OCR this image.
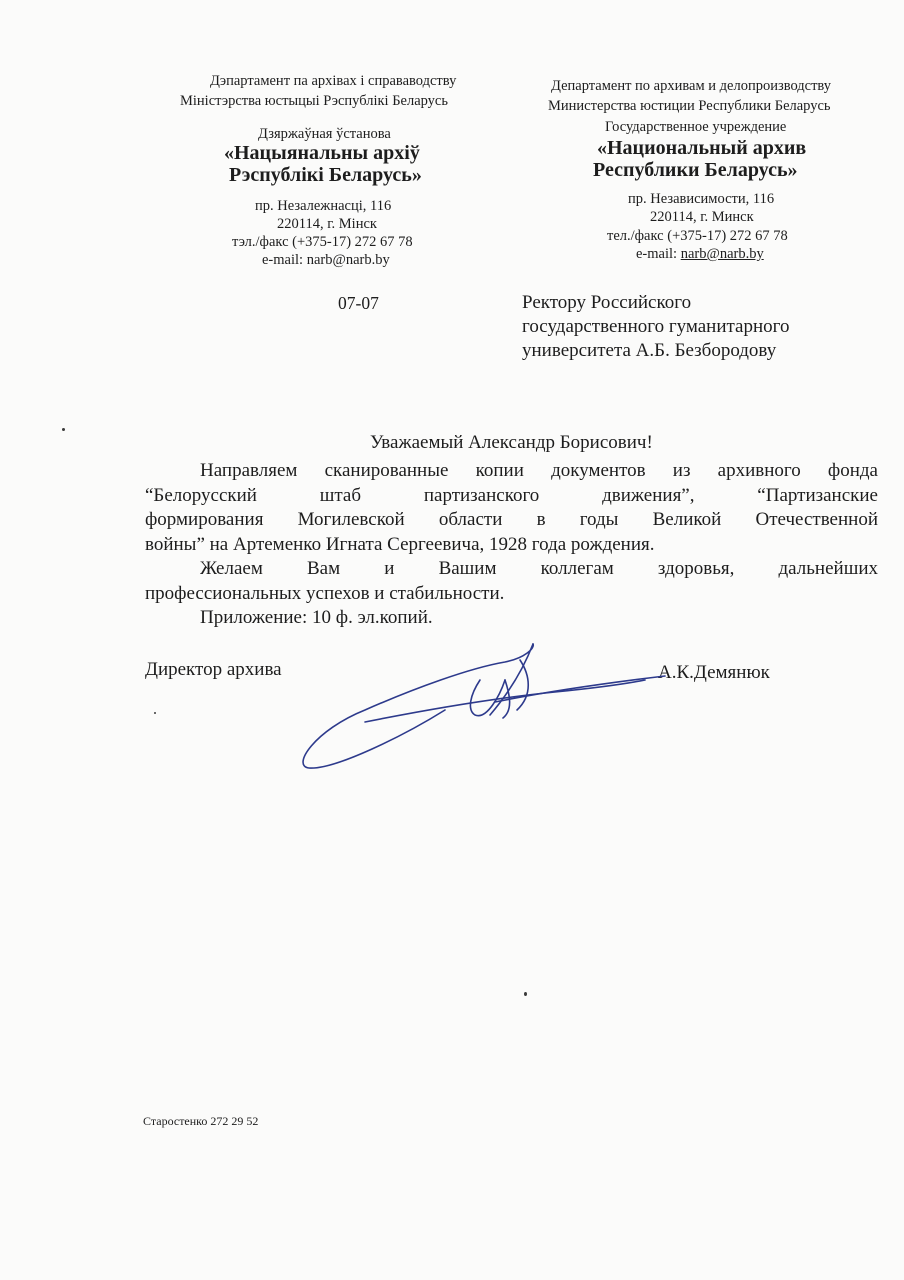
Дэпартамент па архівах і справаводству
Міністэрства юстыцыі Рэспублікі Беларусь
Дзяржаўная ўстанова
«Нацыянальны архіў
Рэспублікі Беларусь»
пр. Незалежнасці, 116
220114, г. Мінск
тэл./факс (+375-17) 272 67 78
e-mail: narb@narb.by
Департамент по архивам и делопроизводству
Министерства юстиции Республики Беларусь
Государственное учреждение
«Национальный архив
Республики Беларусь»
пр. Независимости, 116
220114, г. Минск
тел./факс (+375-17) 272 67 78
e-mail: narb@narb.by
07-07	Ректору Российского
государственного гуманитарного
университета А.Б. Безбородову
Уважаемый Александр Борисович!

Направляем сканированные копии документов из архивного фонда

“Белорусский штаб партизанского движения”, “Партизанские

формирования Могилевской области в годы Великой Отечественной

войны” на Артеменко Игната Сергеевича, 1928 года рождения.

Желаем Вам и Вашим коллегам здоровья, дальнейших

профессиональных успехов и стабильности.

Приложение: 10 ф. эл.копий.

Директор архива	А.К.Демянюк
Старостенко 272 29 52
